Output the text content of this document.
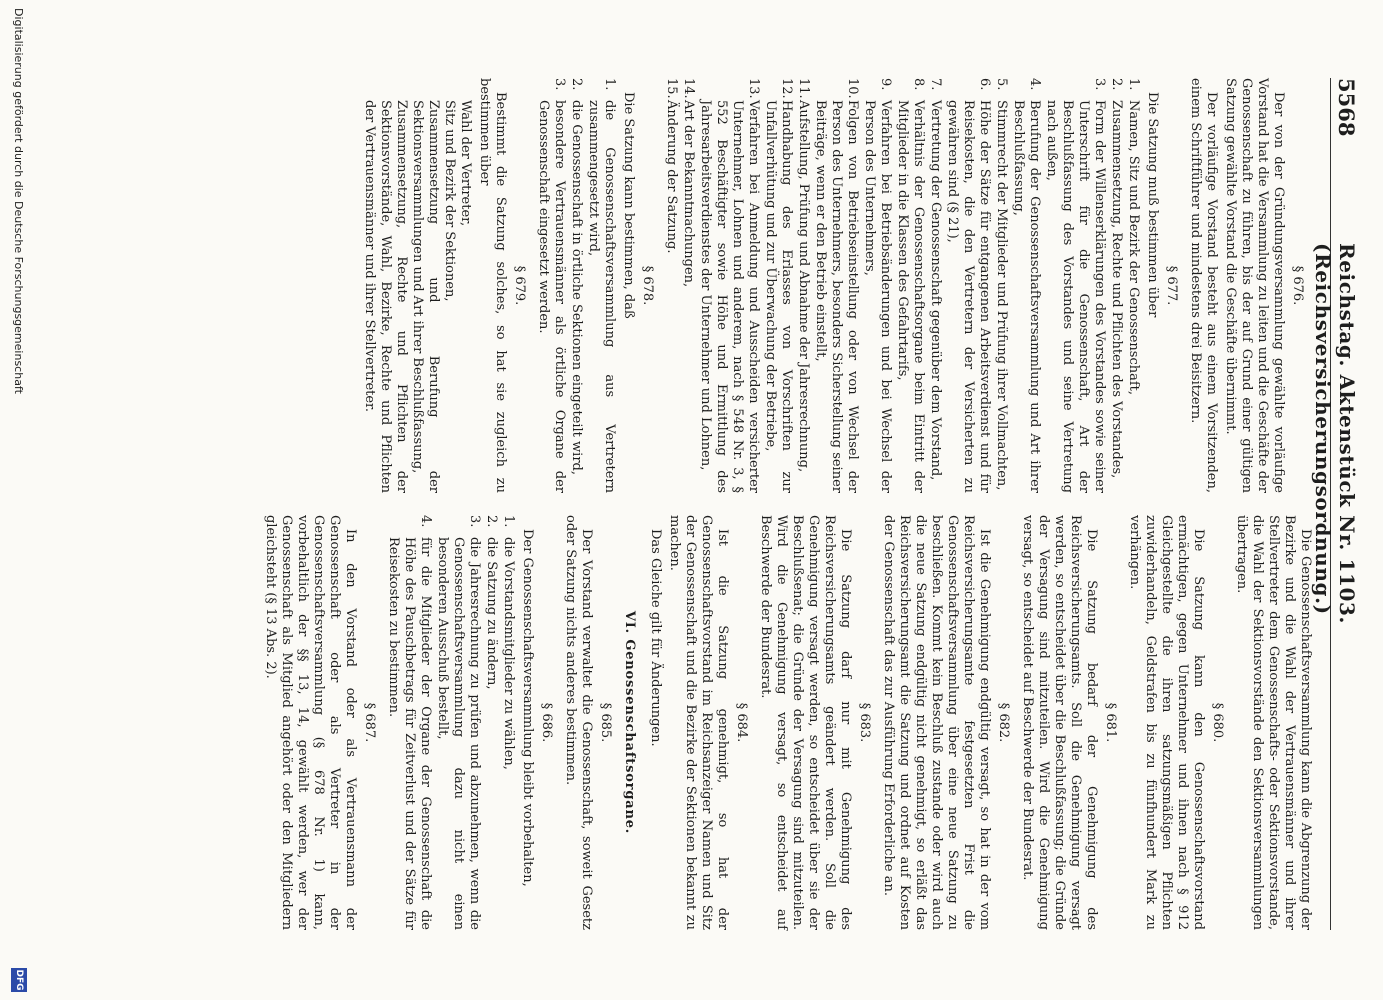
5568
Reichstag. Aktenstück Nr. 1103. (Reichsversicherungsordnung.)
§ 676.
Der von der Gründungsversammlung gewählte vorläufige Vorstand hat die Versammlung zu leiten und die Geschäfte der Genossenschaft zu führen, bis der auf Grund einer gültigen Satzung gewählte Vorstand die Geschäfte übernimmt.
Der vorläufige Vorstand besteht aus einem Vorsitzenden, einem Schriftführer und mindestens drei Beisitzern.
§ 677.
Die Satzung muß bestimmen über
1.
Namen, Sitz und Bezirk der Genossenschaft,
2.
Zusammensetzung, Rechte und Pflichten des Vorstandes,
3.
Form der Willenserklärungen des Vorstandes sowie seiner Unterschrift für die Genossenschaft, Art der Beschlußfassung des Vorstandes und seine Vertretung nach außen,
4.
Berufung der Genossenschaftsversammlung und Art ihrer Beschlußfassung,
5.
Stimmrecht der Mitglieder und Prüfung ihrer Vollmachten,
6.
Höhe der Sätze für entgangenen Arbeitsverdienst und für Reisekosten, die den Vertretern der Versicherten zu gewähren sind (§ 21),
7.
Vertretung der Genossenschaft gegenüber dem Vorstand,
8.
Verhältnis der Genossenschaftsorgane beim Eintritt der Mitglieder in die Klassen des Gefahrtarifs,
9.
Verfahren bei Betriebsänderungen und bei Wechsel der Person des Unternehmers,
10.
Folgen von Betriebseinstellung oder von Wechsel der Person des Unternehmers, besonders Sicherstellung seiner Beiträge, wenn er den Betrieb einstellt,
11.
Aufstellung, Prüfung und Abnahme der Jahresrechnung,
12.
Handhabung des Erlasses von Vorschriften zur Unfallverhütung und zur Überwachung der Betriebe,
13.
Verfahren bei Anmeldung und Ausscheiden versicherter Unternehmer, Lohnen und anderem, nach § 548 Nr. 3, § 552 Beschäftigter sowie Höhe und Ermittlung des Jahresarbeitsverdienstes der Unternehmer und Lohnen,
14.
Art der Bekanntmachungen,
15.
Änderung der Satzung.
§ 678.
Die Satzung kann bestimmen, daß
1.
die Genossenschaftsversammlung aus Vertretern zusammengesetzt wird,
2.
die Genossenschaft in örtliche Sektionen eingeteilt wird,
3.
besondere Vertrauensmänner als örtliche Organe der Genossenschaft eingesetzt werden.
§ 679.
Bestimmt die Satzung solches, so hat sie zugleich zu bestimmen über
Wahl der Vertreter,
Sitz und Bezirk der Sektionen,
Zusammensetzung und Berufung der Sektionsversammlungen und Art ihrer Beschlußfassung,
Zusammensetzung, Rechte und Pflichten der Sektionsvorstände, Wahl, Bezirke, Rechte und Pflichten der Vertrauensmänner und ihrer Stellvertreter.
Die Genossenschaftsversammlung kann die Abgrenzung der Bezirke und die Wahl der Vertrauensmänner und ihrer Stellvertreter dem Genossenschafts- oder Sektionsvorstande, die Wahl der Sektionsvorstände den Sektionsversammlungen übertragen.
§ 680.
Die Satzung kann den Genossenschaftsvorstand ermächtigen, gegen Unternehmer und ihnen nach § 912 Gleichgestellte die ihren satzungsmäßigen Pflichten zuwiderhandeln, Geldstrafen bis zu fünfhundert Mark zu verhängen.
§ 681.
Die Satzung bedarf der Genehmigung des Reichsversicherungsamts. Soll die Genehmigung versagt werden, so entscheidet über die Beschlußfassung; die Gründe der Versagung sind mitzuteilen. Wird die Genehmigung versagt, so entscheidet auf Beschwerde der Bundesrat.
§ 682.
Ist die Genehmigung endgültig versagt, so hat in der vom Reichsversicherungsamte festgesetzten Frist die Genossenschaftsversammlung über eine neue Satzung zu beschließen. Kommt kein Beschluß zustande oder wird auch die neue Satzung endgültig nicht genehmigt, so erläßt das Reichsversicherungsamt die Satzung und ordnet auf Kosten der Genossenschaft das zur Ausführung Erforderliche an.
§ 683.
Die Satzung darf nur mit Genehmigung des Reichsversicherungsamts geändert werden. Soll die Genehmigung versagt werden, so entscheidet über sie der Beschlußsenat; die Gründe der Versagung sind mitzuteilen. Wird die Genehmigung versagt, so entscheidet auf Beschwerde der Bundesrat.
§ 684.
Ist die Satzung genehmigt, so hat der Genossenschaftsvorstand im Reichsanzeiger Namen und Sitz der Genossenschaft und die Bezirke der Sektionen bekannt zu machen.
Das Gleiche gilt für Änderungen.
VI. Genossenschaftsorgane.
§ 685.
Der Vorstand verwaltet die Genossenschaft, soweit Gesetz oder Satzung nichts anderes bestimmen.
§ 686.
Der Genossenschaftsversammlung bleibt vorbehalten,
1.
die Vorstandsmitglieder zu wählen,
2.
die Satzung zu ändern,
3.
die Jahresrechnung zu prüfen und abzunehmen, wenn die Genossenschaftsversammlung dazu nicht einen besonderen Ausschuß bestellt,
4.
für die Mitglieder der Organe der Genossenschaft die Höhe des Pauschbetrags für Zeitverlust und der Sätze für Reisekosten zu bestimmen.
§ 687.
In den Vorstand oder als Vertrauensmann der Genossenschaft oder als Vertreter in der Genossenschaftsversammlung (§ 678 Nr. 1) kann, vorbehaltlich der §§ 13, 14, gewählt werden, wer der Genossenschaft als Mitglied angehört oder den Mitgliedern gleichsteht (§ 13 Abs. 2).
Digitalisierung gefördert durch die Deutsche Forschungsgemeinschaft
DFG
